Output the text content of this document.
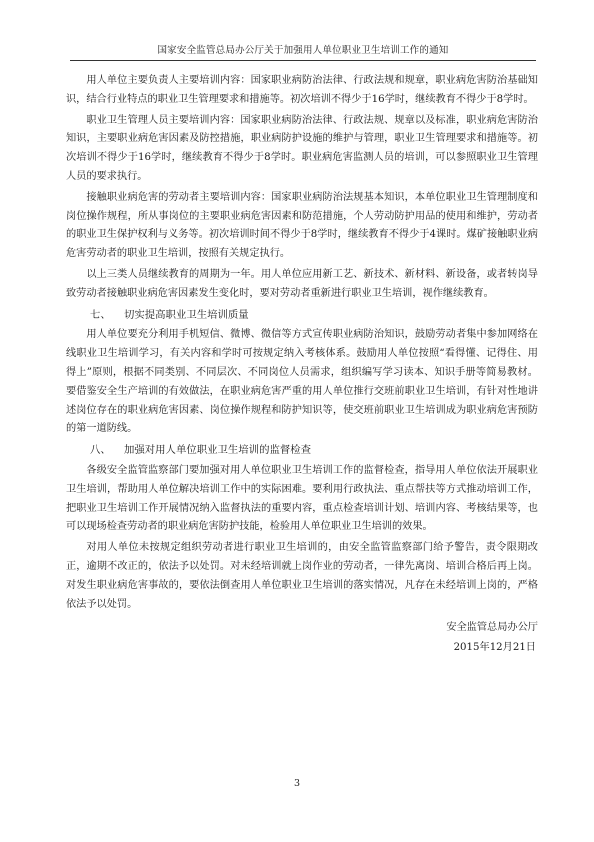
国家安全监管总局办公厅关于加强用人单位职业卫生培训工作的通知

用人单位主要负责人主要培训内容：国家职业病防治法律、行政法规和规章，职业病危害防治基础知识，结合行业特点的职业卫生管理要求和措施等。初次培训不得少于16学时，继续教育不得少于8学时。

职业卫生管理人员主要培训内容：国家职业病防治法律、行政法规、规章以及标准，职业病危害防治知识，主要职业病危害因素及防控措施，职业病防护设施的维护与管理，职业卫生管理要求和措施等。初次培训不得少于16学时，继续教育不得少于8学时。职业病危害监测人员的培训，可以参照职业卫生管理人员的要求执行。

接触职业病危害的劳动者主要培训内容：国家职业病防治法规基本知识，本单位职业卫生管理制度和岗位操作规程，所从事岗位的主要职业病危害因素和防范措施，个人劳动防护用品的使用和维护，劳动者的职业卫生保护权利与义务等。初次培训时间不得少于8学时，继续教育不得少于4课时。煤矿接触职业病危害劳动者的职业卫生培训，按照有关规定执行。

以上三类人员继续教育的周期为一年。用人单位应用新工艺、新技术、新材料、新设备，或者转岗导致劳动者接触职业病危害因素发生变化时，要对劳动者重新进行职业卫生培训，视作继续教育。

七、 切实提高职业卫生培训质量

用人单位要充分利用手机短信、微博、微信等方式宣传职业病防治知识，鼓励劳动者集中参加网络在线职业卫生培训学习，有关内容和学时可按规定纳入考核体系。鼓励用人单位按照“看得懂、记得住、用得上”原则，根据不同类别、不同层次、不同岗位人员需求，组织编写学习读本、知识手册等简易教材。要借鉴安全生产培训的有效做法，在职业病危害严重的用人单位推行交班前职业卫生培训，有针对性地讲述岗位存在的职业病危害因素、岗位操作规程和防护知识等，使交班前职业卫生培训成为职业病危害预防的第一道防线。

八、 加强对用人单位职业卫生培训的监督检查

各级安全监管监察部门要加强对用人单位职业卫生培训工作的监督检查，指导用人单位依法开展职业卫生培训，帮助用人单位解决培训工作中的实际困难。要利用行政执法、重点帮扶等方式推动培训工作，把职业卫生培训工作开展情况纳入监督执法的重要内容，重点检查培训计划、培训内容、考核结果等，也可以现场检查劳动者的职业病危害防护技能，检验用人单位职业卫生培训的效果。

对用人单位未按规定组织劳动者进行职业卫生培训的，由安全监管监察部门给予警告，责令限期改正，逾期不改正的，依法予以处罚。对未经培训就上岗作业的劳动者，一律先离岗、培训合格后再上岗。对发生职业病危害事故的，要依法倒查用人单位职业卫生培训的落实情况，凡存在未经培训上岗的，严格依法予以处罚。

安全监管总局办公厅
2015年12月21日
3
